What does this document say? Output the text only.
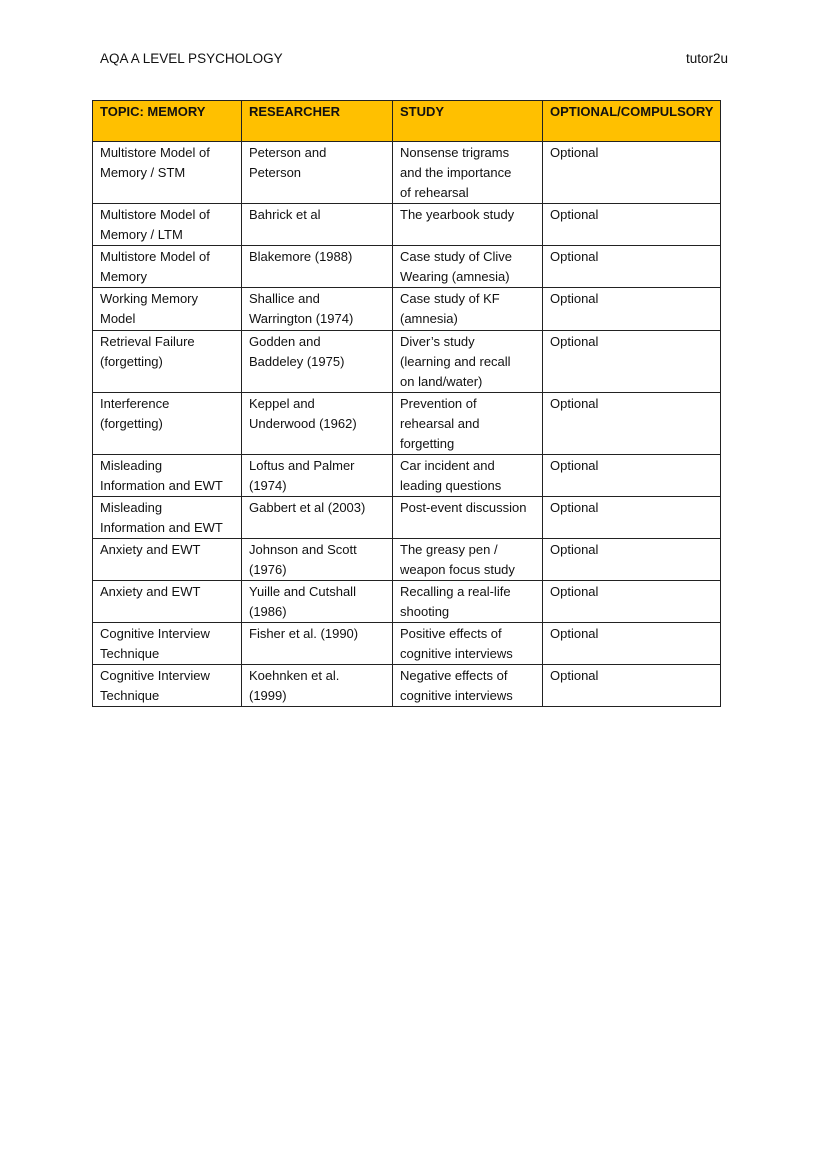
AQA A LEVEL PSYCHOLOGY	tutor2u
TOPIC: MEMORY	RESEARCHER	STUDY	OPTIONAL/COMPULSORY
Multistore Model of
Memory / STM	Peterson and
Peterson	Nonsense trigrams
and the importance
of rehearsal	Optional
Multistore Model of
Memory / LTM	Bahrick et al	The yearbook study	Optional
Multistore Model of
Memory	Blakemore (1988)	Case study of Clive
Wearing (amnesia)	Optional
Working Memory
Model	Shallice and
Warrington (1974)	Case study of KF
(amnesia)	Optional
Retrieval Failure
(forgetting)	Godden and
Baddeley (1975)	Diver’s study
(learning and recall
on land/water)	Optional
Interference
(forgetting)	Keppel and
Underwood (1962)	Prevention of
rehearsal and
forgetting	Optional
Misleading
Information and EWT	Loftus and Palmer
(1974)	Car incident and
leading questions	Optional
Misleading
Information and EWT	Gabbert et al (2003)	Post-event discussion	Optional
Anxiety and EWT	Johnson and Scott
(1976)	The greasy pen /
weapon focus study	Optional
Anxiety and EWT	Yuille and Cutshall
(1986)	Recalling a real-life
shooting	Optional
Cognitive Interview
Technique	Fisher et al. (1990)	Positive effects of
cognitive interviews	Optional
Cognitive Interview
Technique	Koehnken et al.
(1999)	Negative effects of
cognitive interviews	Optional
